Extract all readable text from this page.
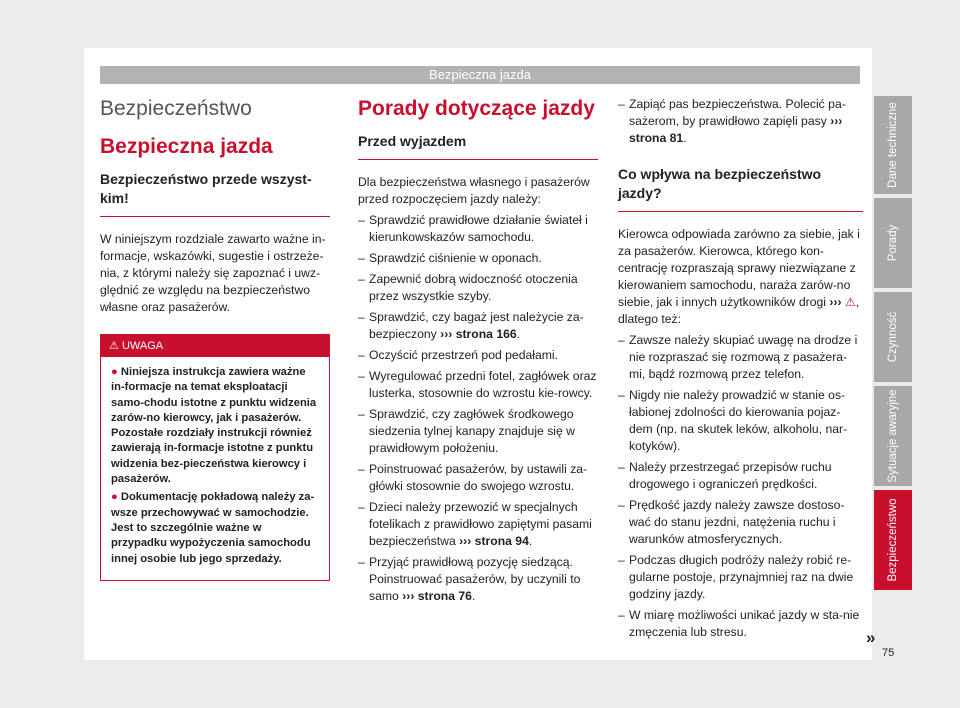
Bezpieczna jazda
Bezpieczeństwo
Bezpieczna jazda
Bezpieczeństwo przede wszyst-kim!

W niniejszym rozdziale zawarto ważne in-formacje, wskazówki, sugestie i ostrzeże-nia, z którymi należy się zapoznać i uwz-ględnić ze względu na bezpieczeństwo własne oraz pasażerów.

⚠ UWAGA
● Niniejsza instrukcja zawiera ważne in-formacje na temat eksploatacji samo-chodu istotne z punktu widzenia zarów-no kierowcy, jak i pasażerów. Pozostałe rozdziały instrukcji również zawierają in-formacje istotne z punktu widzenia bez-pieczeństwa kierowcy i pasażerów.
● Dokumentację pokładową należy za-wsze przechowywać w samochodzie. Jest to szczególnie ważne w przypadku wypożyczenia samochodu innej osobie lub jego sprzedaży.
Porady dotyczące jazdy
Przed wyjazdem

Dla bezpieczeństwa własnego i pasażerów przed rozpoczęciem jazdy należy:

– Sprawdzić prawidłowe działanie świateł i kierunkowskazów samochodu.
– Sprawdzić ciśnienie w oponach.
– Zapewnić dobrą widoczność otoczenia przez wszystkie szyby.
– Sprawdzić, czy bagaż jest należycie za-bezpieczony ››› strona 166.
– Oczyścić przestrzeń pod pedałami.
– Wyregulować przedni fotel, zagłówek oraz lusterka, stosownie do wzrostu kie-rowcy.
– Sprawdzić, czy zagłówek środkowego siedzenia tylnej kanapy znajduje się w prawidłowym położeniu.
– Poinstruować pasażerów, by ustawili za-główki stosownie do swojego wzrostu.
– Dzieci należy przewozić w specjalnych fotelikach z prawidłowo zapiętymi pasami bezpieczeństwa ››› strona 94.
– Przyjąć prawidłową pozycję siedzącą. Poinstruować pasażerów, by uczynili to samo ››› strona 76.
– Zapiąć pas bezpieczeństwa. Polecić pa-sażerom, by prawidłowo zapięli pasy ››› strona 81.
Co wpływa na bezpieczeństwo jazdy?

Kierowca odpowiada zarówno za siebie, jak i za pasażerów. Kierowca, którego kon-centrację rozpraszają sprawy niezwiązane z kierowaniem samochodu, naraża zarów-no siebie, jak i innych użytkowników drogi ››› ⚠, dlatego też:

– Zawsze należy skupiać uwagę na drodze i nie rozpraszać się rozmową z pasażera-mi, bądź rozmową przez telefon.
– Nigdy nie należy prowadzić w stanie os-łabionej zdolności do kierowania pojaz-dem (np. na skutek leków, alkoholu, nar-kotyków).
– Należy przestrzegać przepisów ruchu drogowego i ograniczeń prędkości.
– Prędkość jazdy należy zawsze dostoso-wać do stanu jezdni, natężenia ruchu i warunków atmosferycznych.
– Podczas długich podróży należy robić re-gularne postoje, przynajmniej raz na dwie godziny jazdy.
– W miarę możliwości unikać jazdy w sta-nie zmęczenia lub stresu.	»
Dane techniczne
Porady
Czynność
Sytuacje awaryjne
Bezpieczeństwo
75
